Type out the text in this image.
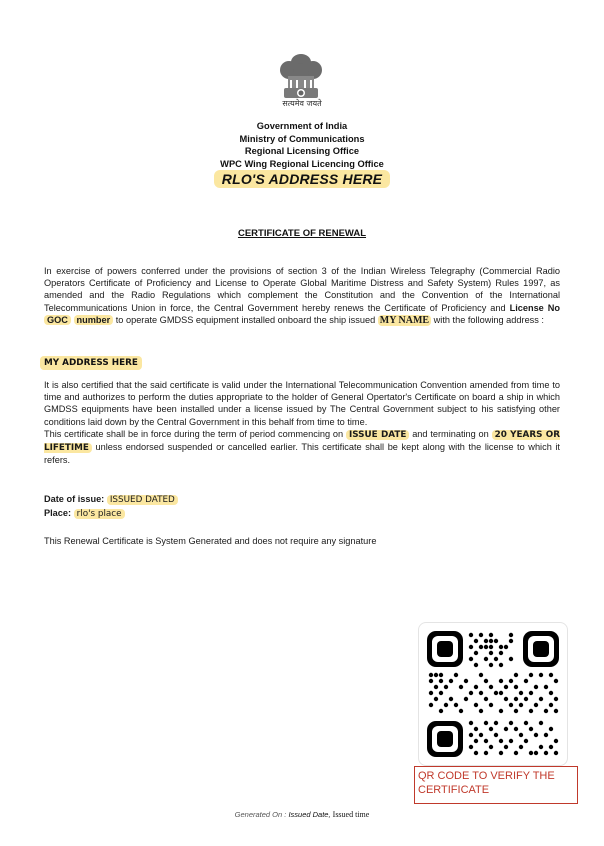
सत्यमेव जयते
Government of India
Ministry of Communications
Regional Licensing Office
WPC Wing Regional Licencing Office
RLO'S ADDRESS HERE
CERTIFICATE OF RENEWAL
In exercise of powers conferred under the provisions of section 3 of the Indian Wireless Telegraphy (Commercial Radio Operators Certificate of Proficiency and License to Operate Global Maritime Distress and Safety System) Rules 1997, as amended and the Radio Regulations which complement the Constitution and the Convention of the International Telecommunications Union in force, the Central Government hereby renews the Certificate of Proficiency and License No GOC number to operate GMDSS equipment installed onboard the ship issued MY NAME with the following address :
MY ADDRESS HERE
It is also certified that the said certificate is valid under the International Telecommunication Convention amended from time to time and authorizes to perform the duties appropriate to the holder of General Opertator's Certificate on board a ship in which GMDSS equipments have been installed under a license issued by The Central Government subject to his satisfying other conditions laid down by the Central Government in this behalf from time to time.
This certificate shall be in force during the term of period commencing on ISSUE DATE and terminating on 20 YEARS OR LIFETIME unless endorsed suspended or cancelled earlier. This certificate shall be kept along with the license to which it refers.
Date of issue: ISSUED DATED
Place: rlo's place
This Renewal Certificate is System Generated and does not require any signature
QR CODE TO VERIFY THE CERTIFICATE
Generated On : Issued Date, Issued time
